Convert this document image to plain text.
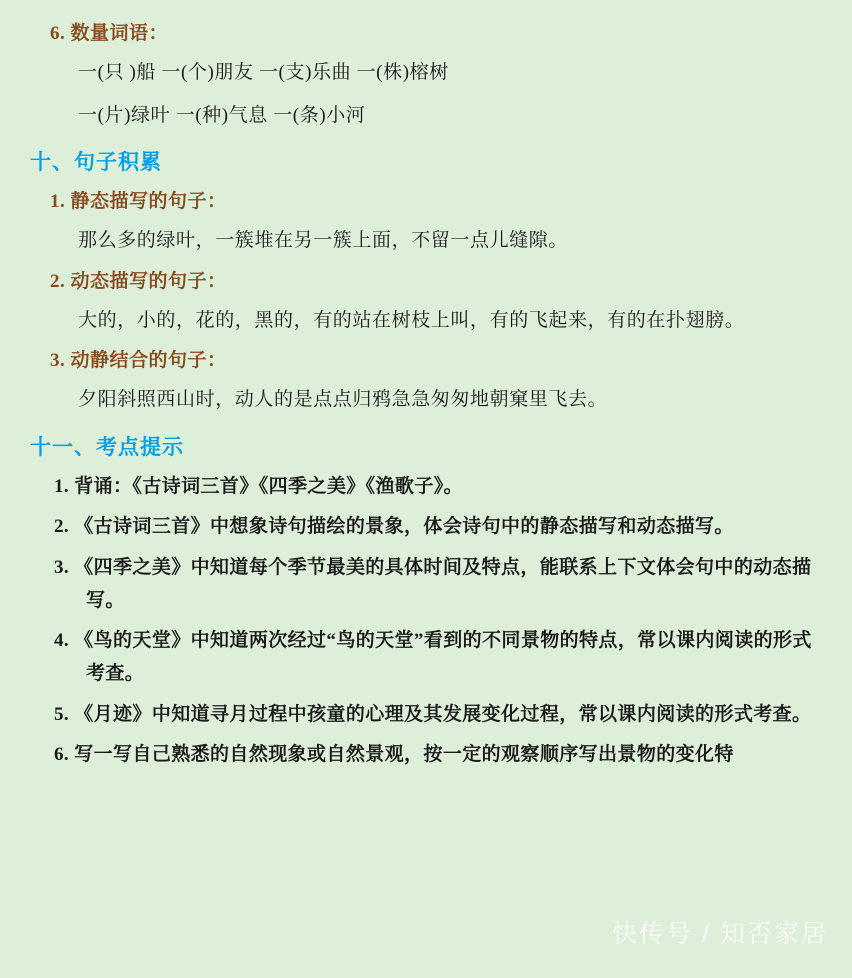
6. 数量词语：
一(只 )船 一(个)朋友 一(支)乐曲 一(株)榕树
一(片)绿叶 一(种)气息 一(条)小河
十、句子积累
1. 静态描写的句子：
那么多的绿叶，一簇堆在另一簇上面，不留一点儿缝隙。
2. 动态描写的句子：
大的，小的，花的，黑的，有的站在树枝上叫，有的飞起来，有的在扑翅膀。
3. 动静结合的句子：
夕阳斜照西山时，动人的是点点归鸦急急匆匆地朝窠里飞去。
十一、考点提示
1. 背诵：《古诗词三首》《四季之美》《渔歌子》。
2. 《古诗词三首》中想象诗句描绘的景象，体会诗句中的静态描写和动态描写。
3. 《四季之美》中知道每个季节最美的具体时间及特点，能联系上下文体会句中的动态描写。
4. 《鸟的天堂》中知道两次经过“鸟的天堂”看到的不同景物的特点，常以课内阅读的形式考查。
5. 《月迹》中知道寻月过程中孩童的心理及其发展变化过程，常以课内阅读的形式考查。
6. 写一写自己熟悉的自然现象或自然景观，按一定的观察顺序写出景物的变化特
快传号 / 知否家居
